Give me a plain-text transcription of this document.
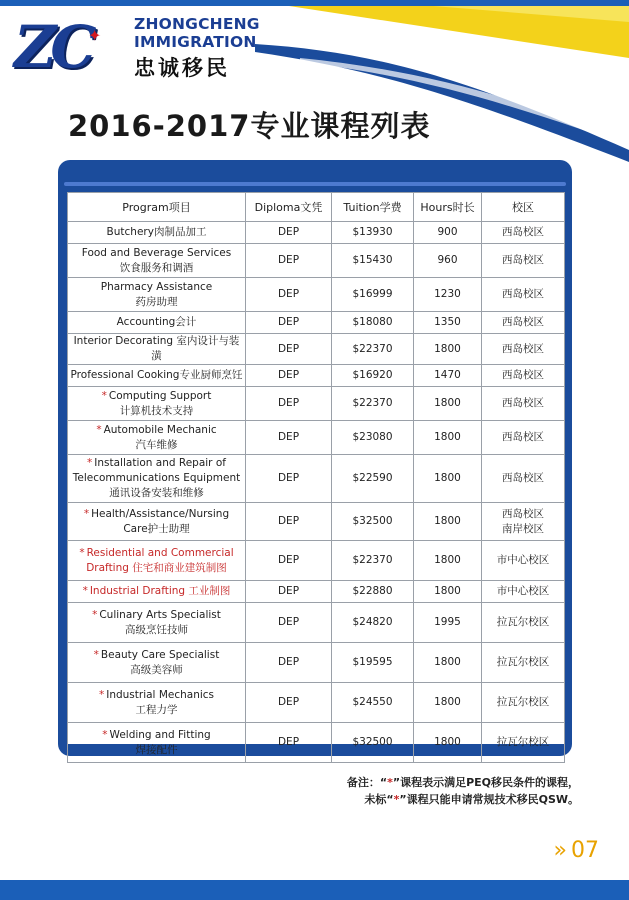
ZC
✦
ZHONGCHENG
IMMIGRATION
忠诚移民
2016-2017专业课程列表
Program项目	Diploma文凭	Tuition学费	Hours时长	校区

Butchery肉制品加工	DEP	$13930	900	西岛校区

Food and Beverage Services
饮食服务和调酒	DEP	$15430	960	西岛校区

Pharmacy Assistance
药房助理	DEP	$16999	1230	西岛校区

Accounting会计	DEP	$18080	1350	西岛校区

Interior Decorating 室内设计与装潢	DEP	$22370	1800	西岛校区

Professional Cooking专业厨师烹饪	DEP	$16920	1470	西岛校区

* Computing Support
计算机技术支持	DEP	$22370	1800	西岛校区

* Automobile Mechanic
汽车维修	DEP	$23080	1800	西岛校区

* Installation and Repair of
Telecommunications Equipment
通讯设备安装和维修	DEP	$22590	1800	西岛校区

* Health/Assistance/Nursing
Care护士助理	DEP	$32500	1800	西岛校区
南岸校区

* Residential and Commercial
Drafting 住宅和商业建筑制图	DEP	$22370	1800	市中心校区

* Industrial Drafting 工业制图	DEP	$22880	1800	市中心校区

* Culinary Arts Specialist
高级烹饪技师	DEP	$24820	1995	拉瓦尔校区

* Beauty Care Specialist
高级美容师	DEP	$19595	1800	拉瓦尔校区

* Industrial Mechanics
工程力学	DEP	$24550	1800	拉瓦尔校区

* Welding and Fitting
焊接配件	DEP	$32500	1800	拉瓦尔校区
备注：“*”课程表示满足PEQ移民条件的课程，
未标“*”课程只能申请常规技术移民QSW。
» 07
